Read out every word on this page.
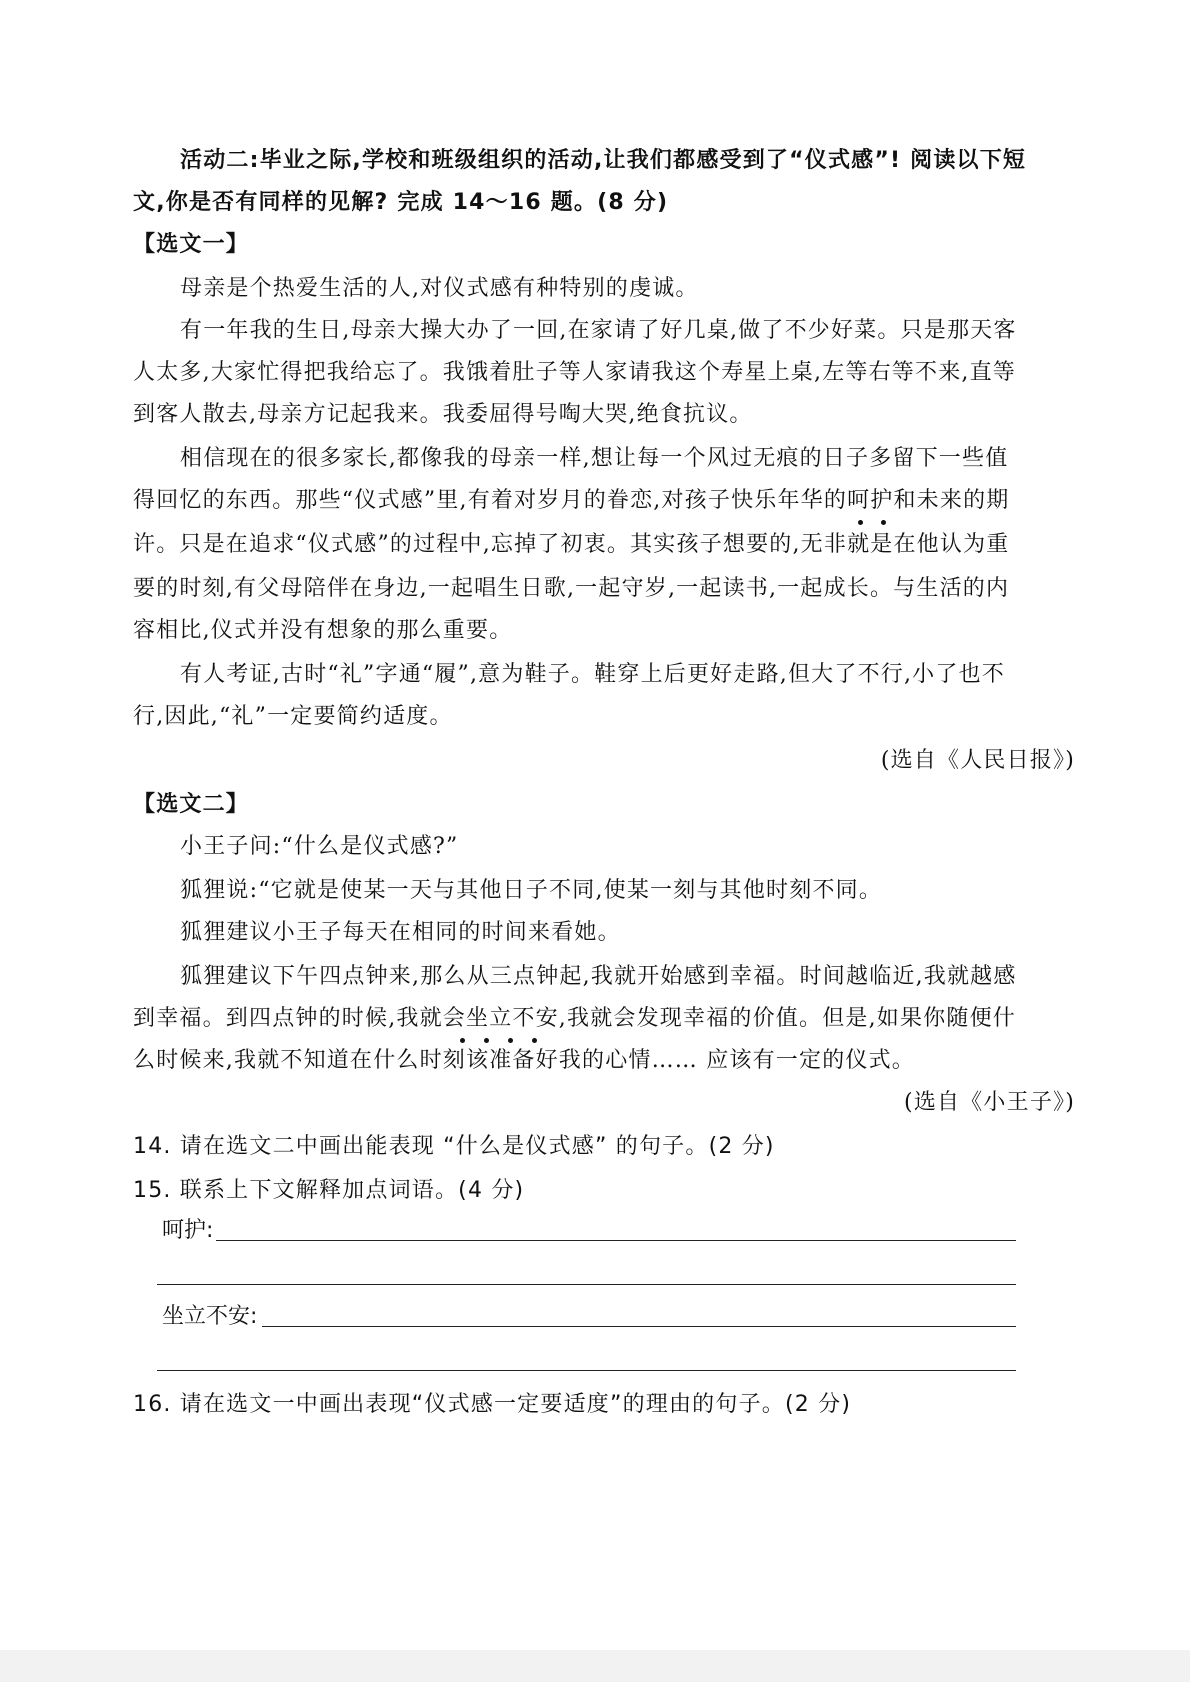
活动二:毕业之际,学校和班级组织的活动,让我们都感受到了“仪式感”! 阅读以下短
文,你是否有同样的见解? 完成 14～16 题。(8 分)
【选文一】
母亲是个热爱生活的人,对仪式感有种特别的虔诚。
有一年我的生日,母亲大操大办了一回,在家请了好几桌,做了不少好菜。只是那天客
人太多,大家忙得把我给忘了。我饿着肚子等人家请我这个寿星上桌,左等右等不来,直等
到客人散去,母亲方记起我来。我委屈得号啕大哭,绝食抗议。
相信现在的很多家长,都像我的母亲一样,想让每一个风过无痕的日子多留下一些值
得回忆的东西。那些“仪式感”里,有着对岁月的眷恋,对孩子快乐年华的呵护和未来的期
许。只是在追求“仪式感”的过程中,忘掉了初衷。其实孩子想要的,无非就是在他认为重
要的时刻,有父母陪伴在身边,一起唱生日歌,一起守岁,一起读书,一起成长。与生活的内
容相比,仪式并没有想象的那么重要。
有人考证,古时“礼”字通“履”,意为鞋子。鞋穿上后更好走路,但大了不行,小了也不
行,因此,“礼”一定要简约适度。
(选自《人民日报》)
【选文二】
小王子问:“什么是仪式感?”
狐狸说:“它就是使某一天与其他日子不同,使某一刻与其他时刻不同。
狐狸建议小王子每天在相同的时间来看她。
狐狸建议下午四点钟来,那么从三点钟起,我就开始感到幸福。时间越临近,我就越感
到幸福。到四点钟的时候,我就会坐立不安,我就会发现幸福的价值。但是,如果你随便什
么时候来,我就不知道在什么时刻该准备好我的心情…… 应该有一定的仪式。
(选自《小王子》)
14. 请在选文二中画出能表现 “什么是仪式感” 的句子。(2 分)
15. 联系上下文解释加点词语。(4 分)
呵护:
坐立不安:
16. 请在选文一中画出表现“仪式感一定要适度”的理由的句子。(2 分)
